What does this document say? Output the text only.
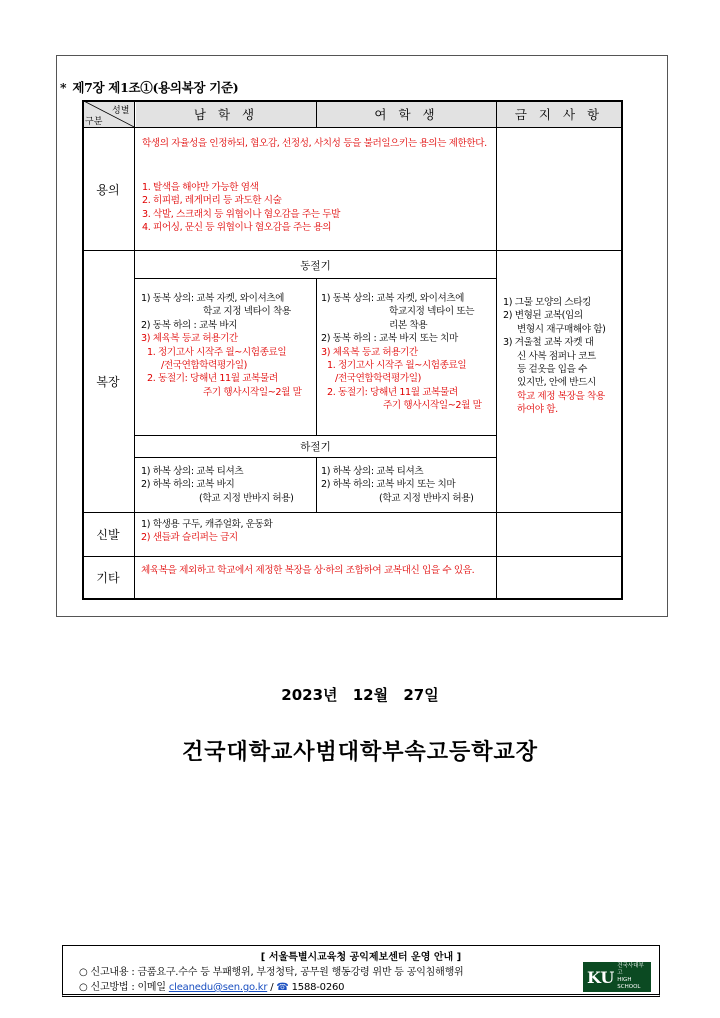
* 제7장 제1조①(용의복장 기준)
남 학 생	여 학 생	금 지 사 항
성별
구분
용의
복장
신발
기타
학생의 자율성을 인정하되, 혐오감, 선정성, 사치성 등을 불러일으키는 용의는 제한한다.
1. 탈색을 해야만 가능한 염색
2. 히피펌, 레게머리 등 과도한 시술
3. 삭발, 스크래치 등 위협이나 혐오감을 주는 두발
4. 피어싱, 문신 등 위협이나 혐오감을 주는 용의
동절기
하절기
1) 동복 상의: 교복 자켓, 와이셔츠에
학교 지정 넥타이 착용
2) 동복 하의 : 교복 바지
3) 체육복 등교 허용기간
1. 정기고사 시작주 월~시험종료일
/전국연합학력평가일)
2. 동절기: 당해년 11월 교복물려
주기 행사시작일~2월 말
1) 동복 상의: 교복 자켓, 와이셔츠에
학교지정 넥타이 또는
리본 착용
2) 동복 하의 : 교복 바지 또는 치마
3) 체육복 등교 허용기간
1. 정기고사 시작주 월~시험종료일
/전국연합학력평가일)
2. 동절기: 당해년 11월 교복물려
주기 행사시작일~2월 말
1) 하복 상의: 교복 티셔츠
2) 하복 하의: 교복 바지
(학교 지정 반바지 허용)
1) 하복 상의: 교복 티셔츠
2) 하복 하의: 교복 바지 또는 치마
(학교 지정 반바지 허용)
1) 그물 모양의 스타킹
2) 변형된 교복(임의
변형시 재구매해야 함)
3) 겨울철 교복 자켓 대
신 사복 점퍼나 코트
등 겉옷을 입을 수
있지만, 안에 반드시
학교 제정 복장을 착용
하여야 함.
1) 학생용 구두, 캐쥬얼화, 운동화
2) 샌들과 슬리퍼는 금지
체육복을 제외하고 학교에서 제정한 복장을 상·하의 조합하여 교복대신 입을 수 있음.
2023년 12월 27일
건국대학교사범대학부속고등학교장
[ 서울특별시교육청 공익제보센터 운영 안내 ]
○ 신고내용 : 금품요구.수수 등 부패행위, 부정청탁, 공무원 행동강령 위반 등 공익침해행위
○ 신고방법 : 이메일 cleanedu@sen.go.kr / ☎ 1588-0260
KU
건국사대부고
HIGH SCHOOL
